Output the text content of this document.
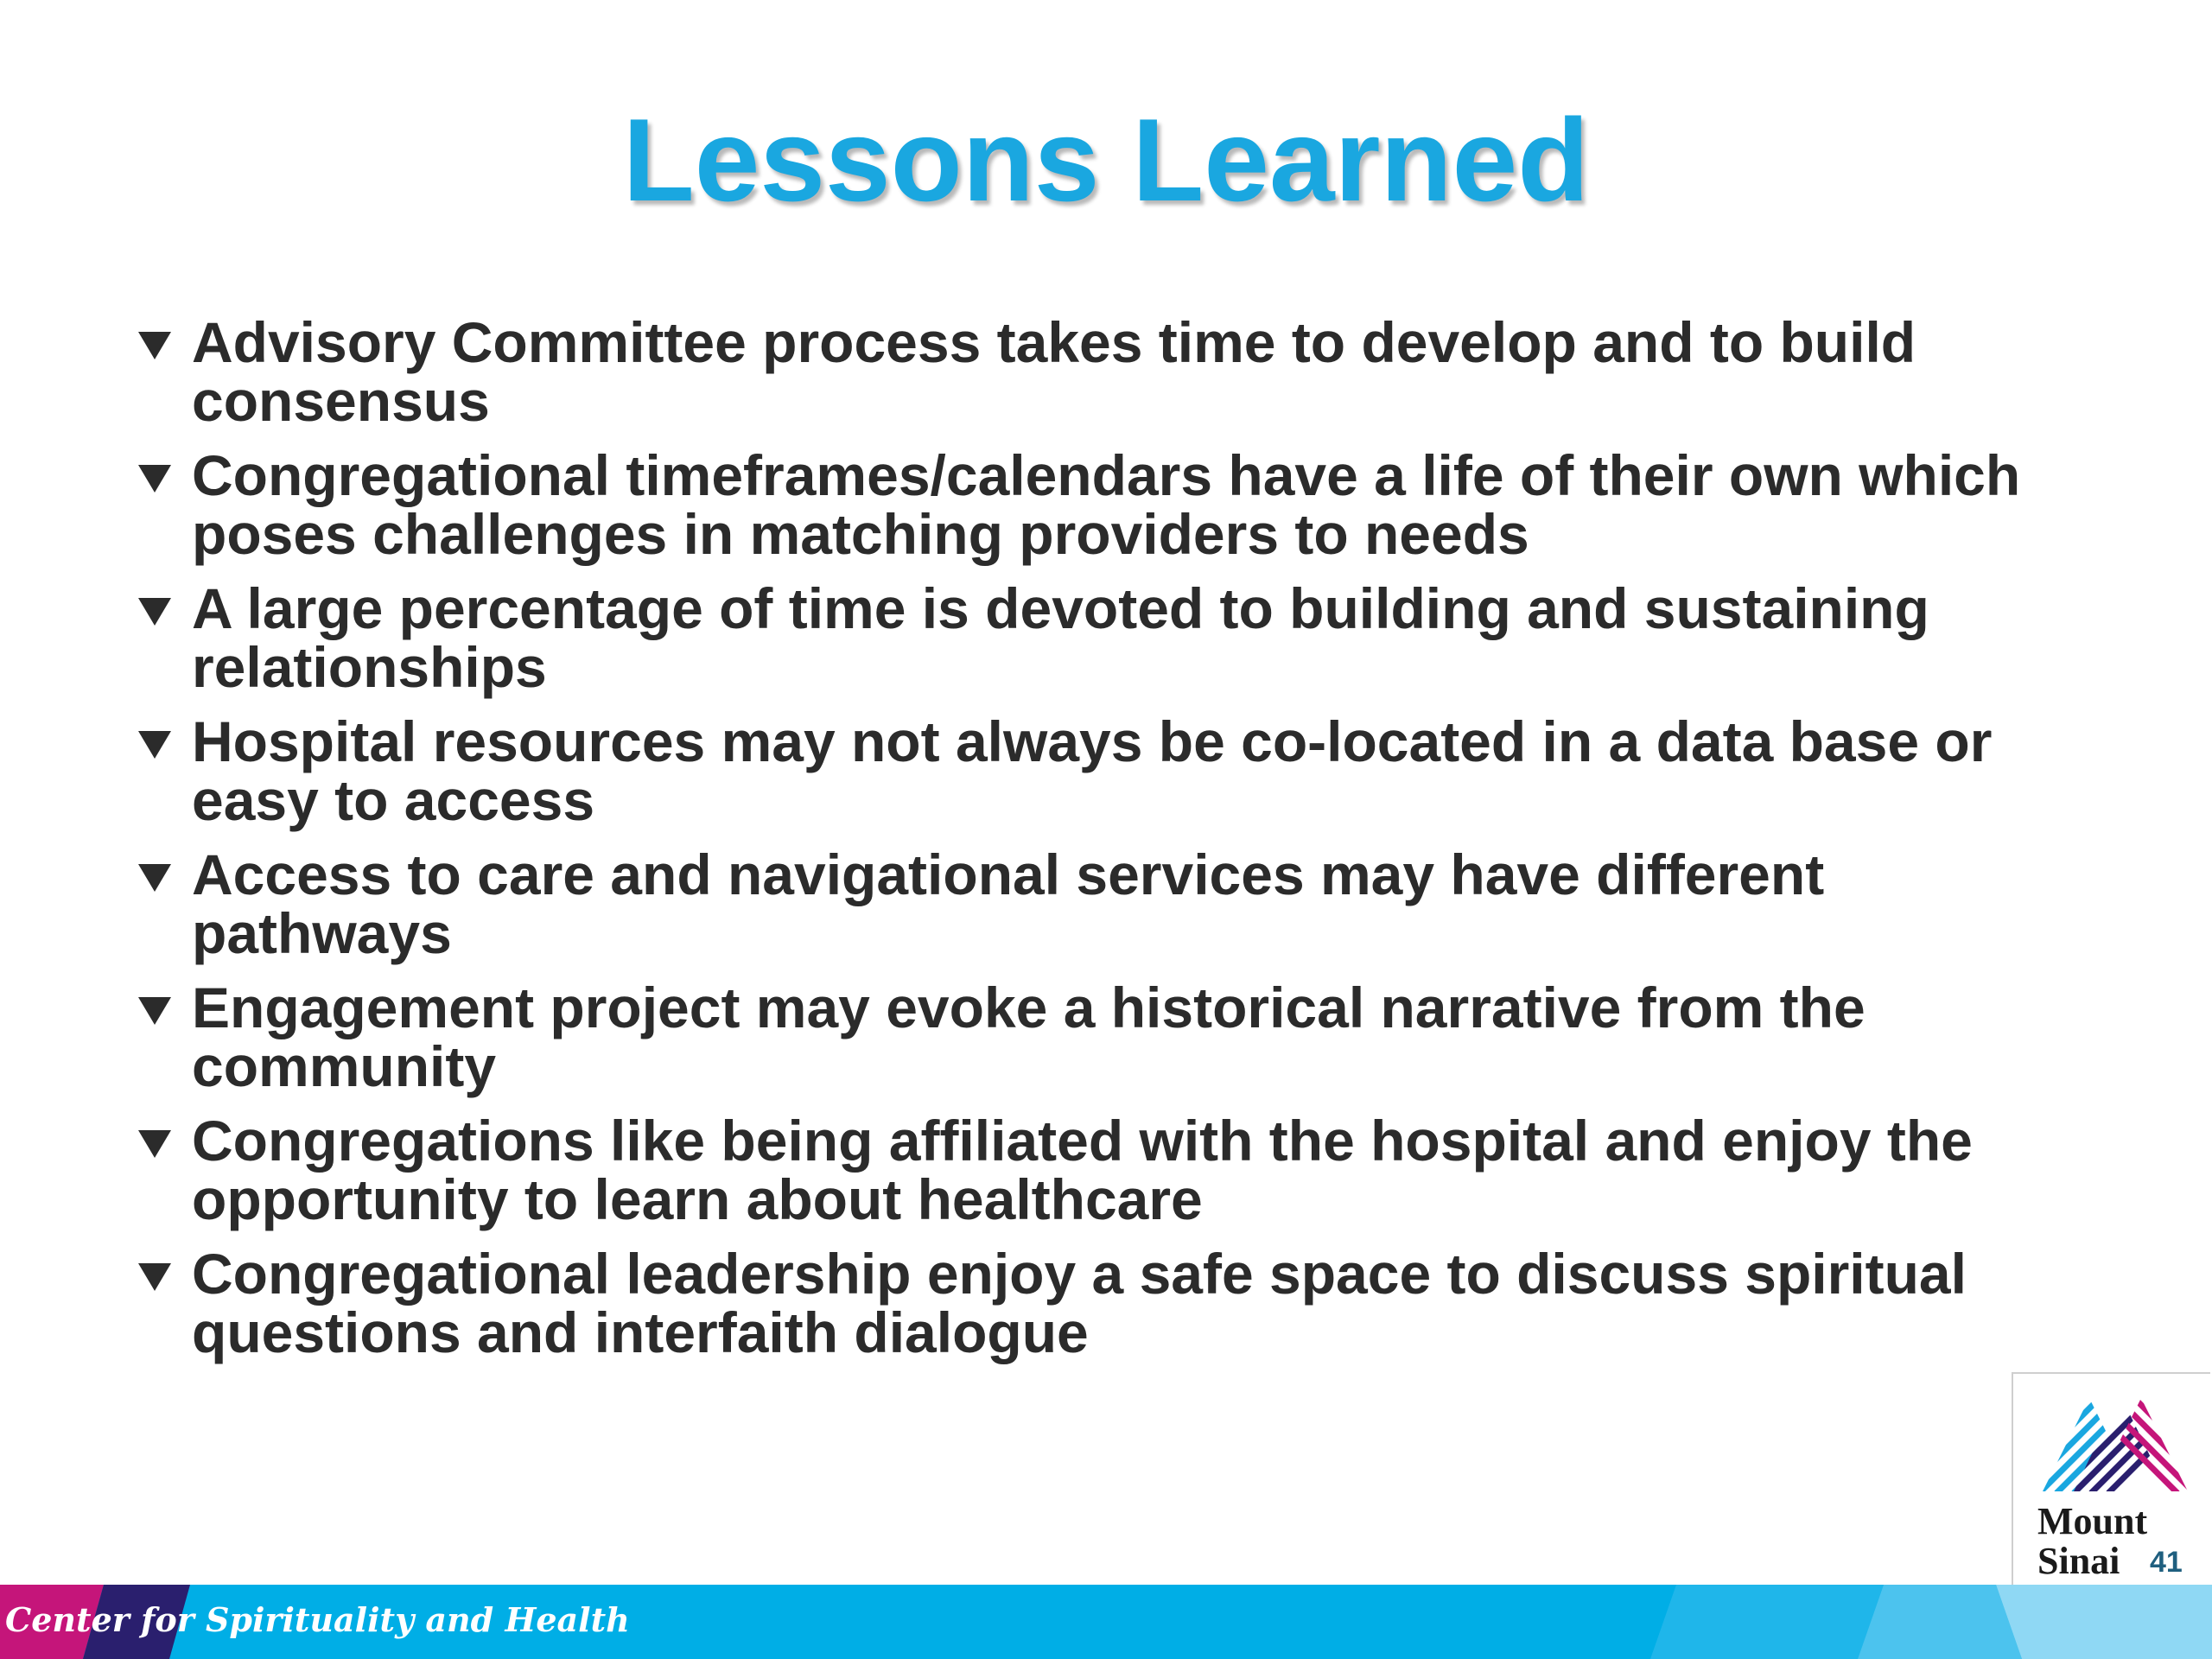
Lessons Learned
Advisory Committee process takes time to develop and to build consensus
Congregational timeframes/calendars have a life of their own which poses challenges in matching providers to needs
A large percentage of time is devoted to building and sustaining relationships
Hospital resources may not always be co-located in a data base or easy to access
Access to care and navigational services may have different pathways
Engagement project may evoke a historical narrative from the community
Congregations like being affiliated with the hospital and enjoy the opportunity to learn about healthcare
Congregational leadership enjoy a safe space to discuss spiritual questions and interfaith dialogue
Mount
Sinai	41
Center for Spirituality and Health
